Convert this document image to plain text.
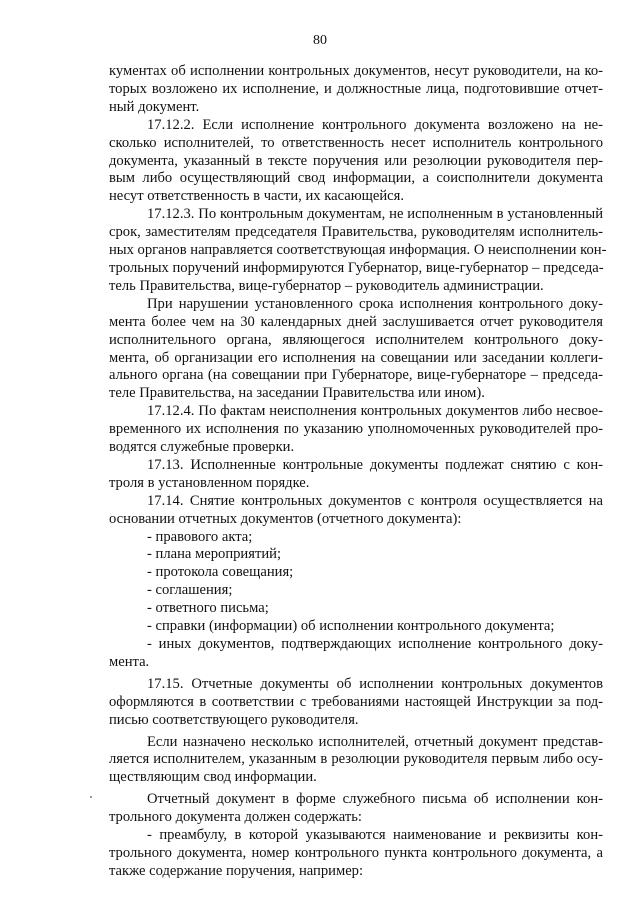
80
кументах об исполнении контрольных документов, несут руководители, на ко-
торых возложено их исполнение, и должностные лица, подготовившие отчет-
ный документ.
17.12.2. Если исполнение контрольного документа возложено на не-
сколько исполнителей, то ответственность несет исполнитель контрольного
документа, указанный в тексте поручения или резолюции руководителя пер-
вым либо осуществляющий свод информации, а соисполнители документа
несут ответственность в части, их касающейся.
17.12.3. По контрольным документам, не исполненным в установленный
срок, заместителям председателя Правительства, руководителям исполнитель-
ных органов направляется соответствующая информация. О неисполнении кон-
трольных поручений информируются Губернатор, вице-губернатор – председа-
тель Правительства, вице-губернатор – руководитель администрации.
При нарушении установленного срока исполнения контрольного доку-
мента более чем на 30 календарных дней заслушивается отчет руководителя
исполнительного органа, являющегося исполнителем контрольного доку-
мента, об организации его исполнения на совещании или заседании коллеги-
ального органа (на совещании при Губернаторе, вице-губернаторе – председа-
теле Правительства, на заседании Правительства или ином).
17.12.4. По фактам неисполнения контрольных документов либо несвое-
временного их исполнения по указанию уполномоченных руководителей про-
водятся служебные проверки.
17.13. Исполненные контрольные документы подлежат снятию с кон-
троля в установленном порядке.
17.14. Снятие контрольных документов с контроля осуществляется на
основании отчетных документов (отчетного документа):
- правового акта;
- плана мероприятий;
- протокола совещания;
- соглашения;
- ответного письма;
- справки (информации) об исполнении контрольного документа;
- иных документов, подтверждающих исполнение контрольного доку-
мента.
17.15. Отчетные документы об исполнении контрольных документов
оформляются в соответствии с требованиями настоящей Инструкции за под-
писью соответствующего руководителя.
Если назначено несколько исполнителей, отчетный документ представ-
ляется исполнителем, указанным в резолюции руководителя первым либо осу-
ществляющим свод информации.
Отчетный документ в форме служебного письма об исполнении кон-
трольного документа должен содержать:
- преамбулу, в которой указываются наименование и реквизиты кон-
трольного документа, номер контрольного пункта контрольного документа, а
также содержание поручения, например:
